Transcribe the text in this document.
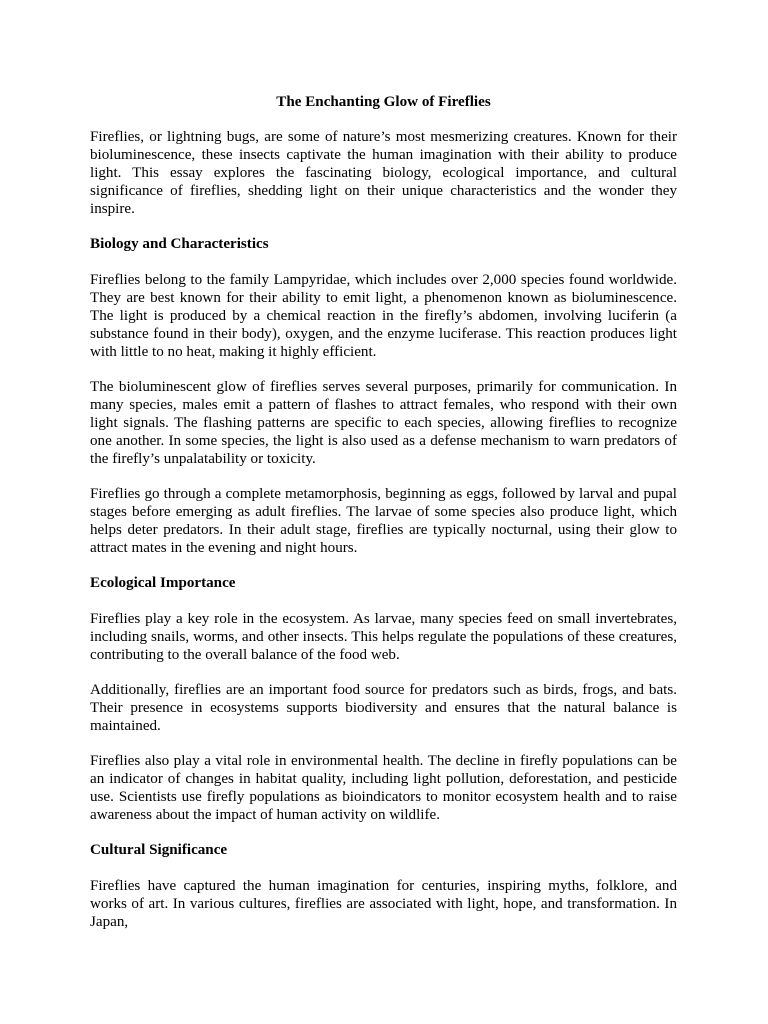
The Enchanting Glow of Fireflies
Fireflies, or lightning bugs, are some of nature’s most mesmerizing creatures. Known for their bioluminescence, these insects captivate the human imagination with their ability to produce light. This essay explores the fascinating biology, ecological importance, and cultural significance of fireflies, shedding light on their unique characteristics and the wonder they inspire.
Biology and Characteristics
Fireflies belong to the family Lampyridae, which includes over 2,000 species found worldwide. They are best known for their ability to emit light, a phenomenon known as bioluminescence. The light is produced by a chemical reaction in the firefly’s abdomen, involving luciferin (a substance found in their body), oxygen, and the enzyme luciferase. This reaction produces light with little to no heat, making it highly efficient.
The bioluminescent glow of fireflies serves several purposes, primarily for communication. In many species, males emit a pattern of flashes to attract females, who respond with their own light signals. The flashing patterns are specific to each species, allowing fireflies to recognize one another. In some species, the light is also used as a defense mechanism to warn predators of the firefly’s unpalatability or toxicity.
Fireflies go through a complete metamorphosis, beginning as eggs, followed by larval and pupal stages before emerging as adult fireflies. The larvae of some species also produce light, which helps deter predators. In their adult stage, fireflies are typically nocturnal, using their glow to attract mates in the evening and night hours.
Ecological Importance
Fireflies play a key role in the ecosystem. As larvae, many species feed on small invertebrates, including snails, worms, and other insects. This helps regulate the populations of these creatures, contributing to the overall balance of the food web.
Additionally, fireflies are an important food source for predators such as birds, frogs, and bats. Their presence in ecosystems supports biodiversity and ensures that the natural balance is maintained.
Fireflies also play a vital role in environmental health. The decline in firefly populations can be an indicator of changes in habitat quality, including light pollution, deforestation, and pesticide use. Scientists use firefly populations as bioindicators to monitor ecosystem health and to raise awareness about the impact of human activity on wildlife.
Cultural Significance
Fireflies have captured the human imagination for centuries, inspiring myths, folklore, and works of art. In various cultures, fireflies are associated with light, hope, and transformation. In Japan,
